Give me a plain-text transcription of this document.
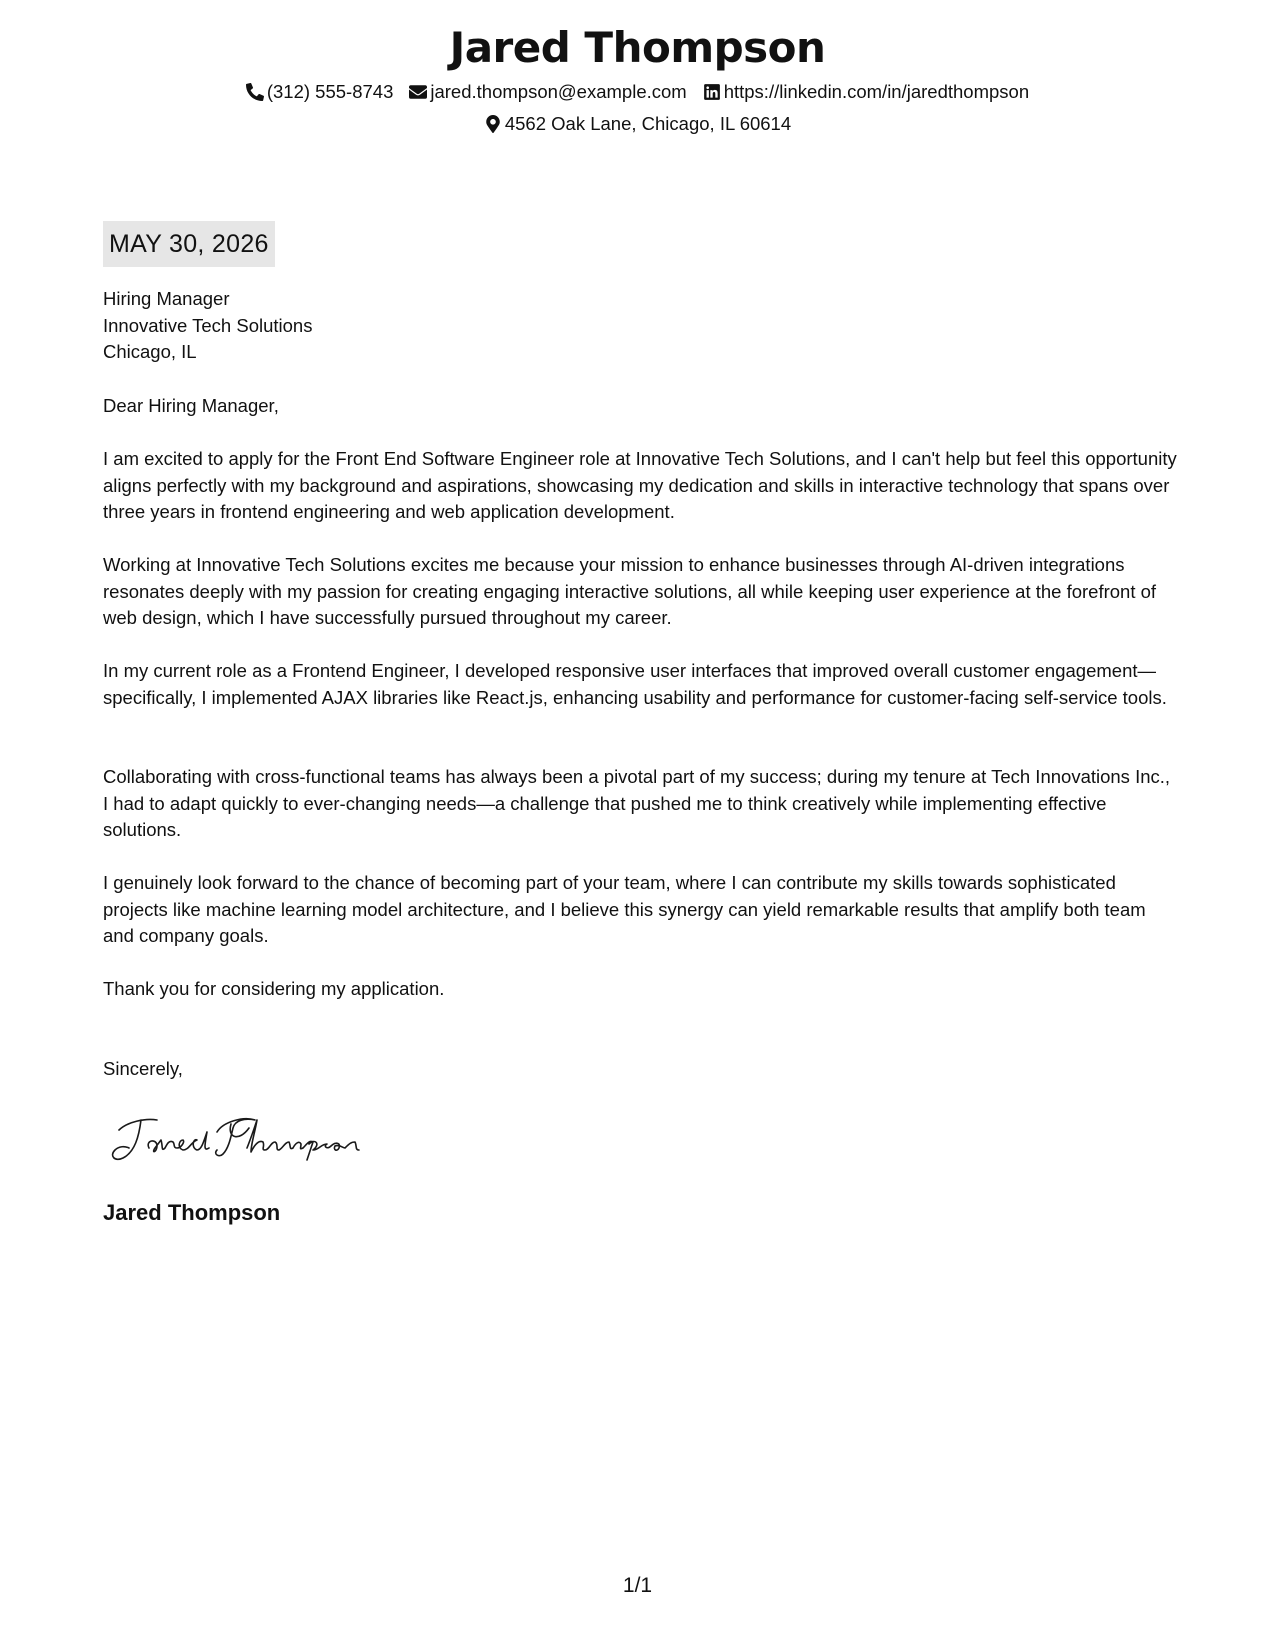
Jared Thompson
(312) 555-8743 jared.thompson@example.com https://linkedin.com/in/jaredthompson
4562 Oak Lane, Chicago, IL 60614
MAY 30, 2026
Hiring Manager
Innovative Tech Solutions
Chicago, IL
Dear Hiring Manager,

I am excited to apply for the Front End Software Engineer role at Innovative Tech Solutions, and I can't help but feel this opportunity aligns perfectly with my background and aspirations, showcasing my dedication and skills in interactive technology that spans over three years in frontend engineering and web application development.

Working at Innovative Tech Solutions excites me because your mission to enhance businesses through AI-driven integrations resonates deeply with my passion for creating engaging interactive solutions, all while keeping user experience at the forefront of web design, which I have successfully pursued throughout my career.

In my current role as a Frontend Engineer, I developed responsive user interfaces that improved overall customer engagement—specifically, I implemented AJAX libraries like React.js, enhancing usability and performance for customer-facing self-service tools.

Collaborating with cross-functional teams has always been a pivotal part of my success; during my tenure at Tech Innovations Inc., I had to adapt quickly to ever-changing needs—a challenge that pushed me to think creatively while implementing effective solutions.

I genuinely look forward to the chance of becoming part of your team, where I can contribute my skills towards sophisticated projects like machine learning model architecture, and I believe this synergy can yield remarkable results that amplify both team and company goals.

Thank you for considering my application.
Sincerely,
Jared Thompson
1/1
